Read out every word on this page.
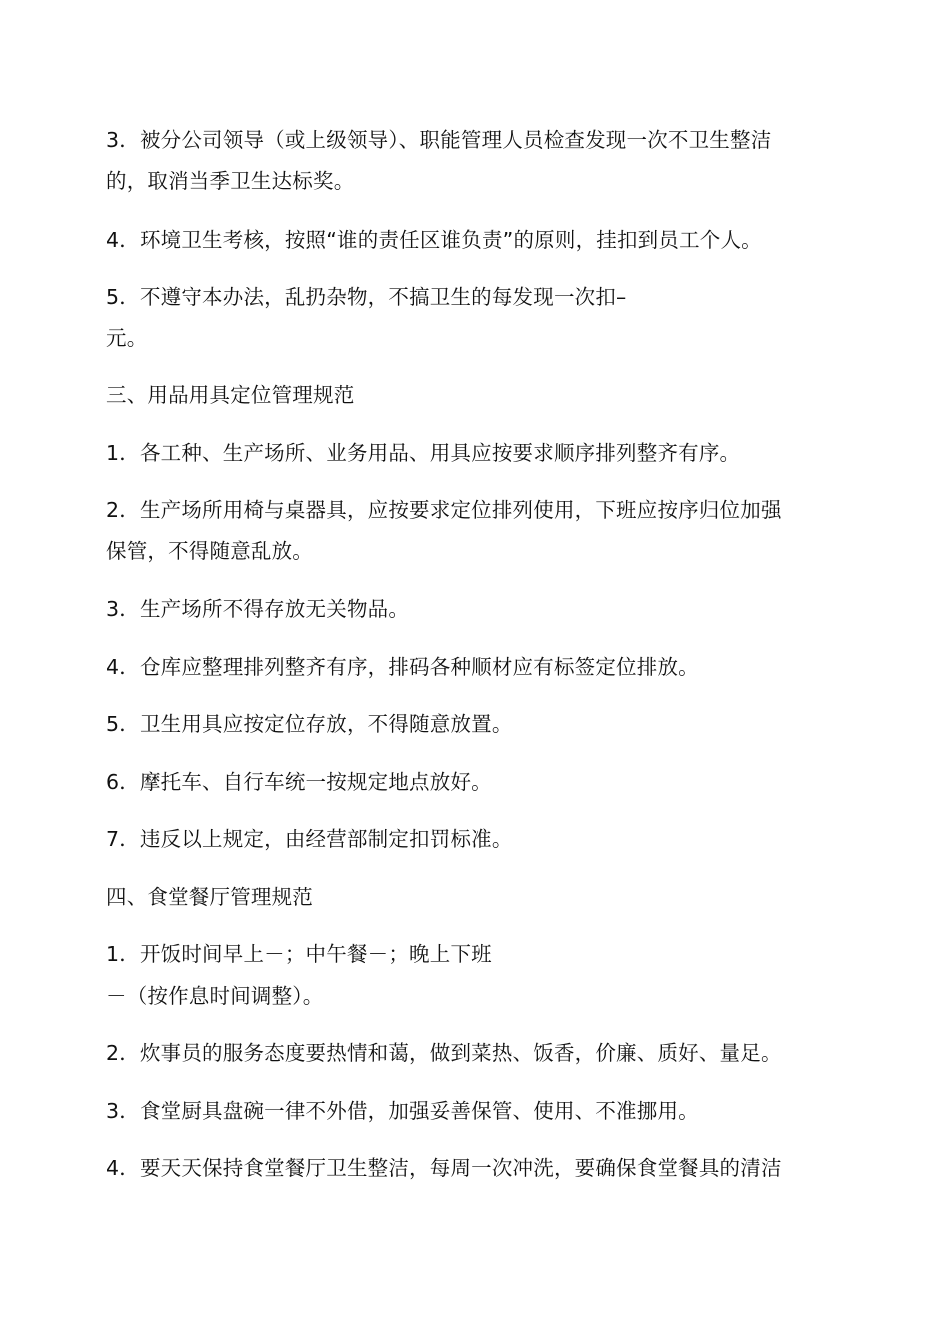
3．被分公司领导（或上级领导）、职能管理人员检查发现一次不卫生整洁
的，取消当季卫生达标奖。
4．环境卫生考核，按照“谁的责任区谁负责”的原则，挂扣到员工个人。
5．不遵守本办法，乱扔杂物，不搞卫生的每发现一次扣–
元。
三、用品用具定位管理规范
1．各工种、生产场所、业务用品、用具应按要求顺序排列整齐有序。
2．生产场所用椅与桌器具，应按要求定位排列使用，下班应按序归位加强
保管，不得随意乱放。
3．生产场所不得存放无关物品。
4．仓库应整理排列整齐有序，排码各种顺材应有标签定位排放。
5．卫生用具应按定位存放，不得随意放置。
6．摩托车、自行车统一按规定地点放好。
7．违反以上规定，由经营部制定扣罚标准。
四、食堂餐厅管理规范
1．开饭时间早上－；中午餐－；晚上下班
－（按作息时间调整）。
2．炊事员的服务态度要热情和蔼，做到菜热、饭香，价廉、质好、量足。
3．食堂厨具盘碗一律不外借，加强妥善保管、使用、不准挪用。
4．要天天保持食堂餐厅卫生整洁，每周一次冲洗，要确保食堂餐具的清洁
